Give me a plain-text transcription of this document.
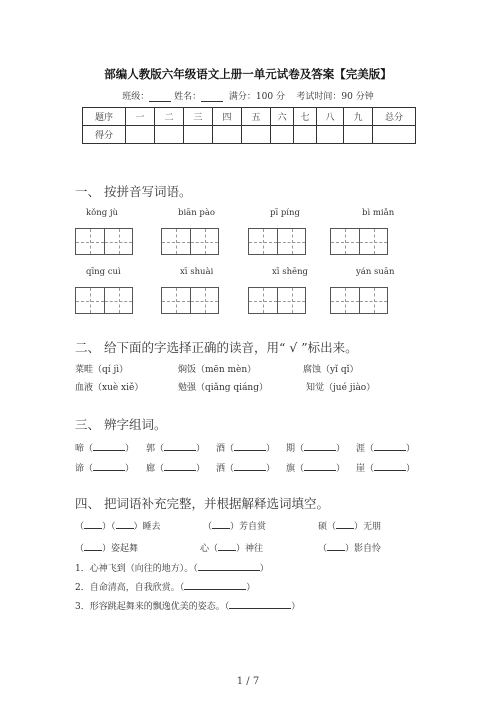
部编人教版六年级语文上册一单元试卷及答案【完美版】
班级：	姓名：	满分：100 分 考试时间：90 分钟
题序	一	二	三	四	五	六	七	八	九	总分
得分										
一、 按拼音写词语。
kǒng jù	biān pào	pī píng	bì miǎn
qīng cuì	xī shuài	xī shēng	yán suān
二、 给下面的字选择正确的读音，用“ √ ”标出来。
菜畦（qí jì）	焖饭（mēn mèn）	腐蚀（yǐ qǐ）
血液（xuè xiě）	勉强（qiǎng qiáng）	知觉（jué jiào）
三、 辨字组词。
啼（	） 郭（	） 酒（	） 期（	） 涯（	）
谛（	） 廊（	） 洒（	） 旗（	） 崖（	）
四、 把词语补充完整，并根据解释选词填空。
（ ）（ ）睡去	（ ）芳自赏	硕（ ）无朋
（ ）姿起舞	心（ ）神往	（ ）影自怜
1．心神飞到（向往的地方）。（	）
2．自命清高，自我欣赏。（	）
3．形容跳起舞来的飘逸优美的姿态。（	）
1 / 7
